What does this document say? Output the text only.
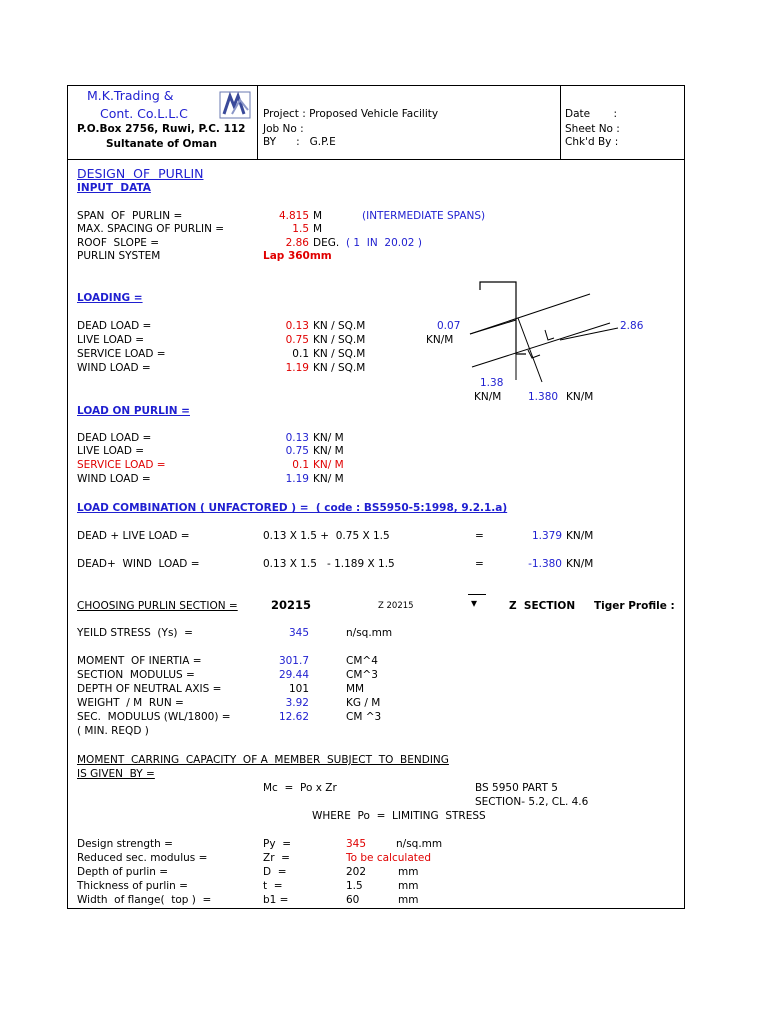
M.K.Trading &
Cont. Co.L.L.C
P.O.Box 2756, Ruwi, P.C. 112
Sultanate of Oman
Project : Proposed Vehicle Facility
Job No :
BY      :   G.P.E
Date       :
Sheet No :
Chk'd By :
DESIGN  OF  PURLIN
INPUT  DATA
SPAN  OF  PURLIN =	4.815 M	(INTERMEDIATE SPANS)
MAX. SPACING OF PURLIN =	1.5 M
ROOF  SLOPE =	2.86 DEG. ( 1  IN  20.02 )
PURLIN SYSTEM	Lap 360mm
LOADING =
DEAD LOAD =	0.13 KN / SQ.M
LIVE LOAD =	0.75 KN / SQ.M
SERVICE LOAD =	0.1 KN / SQ.M
WIND LOAD =	1.19 KN / SQ.M
0.07
KN/M
2.86
1.38
KN/M	1.380 KN/M
LOAD ON PURLIN =
DEAD LOAD =	0.13 KN/ M
LIVE LOAD =	0.75 KN/ M
SERVICE LOAD =	0.1 KN/ M
WIND LOAD =	1.19 KN/ M
LOAD COMBINATION ( UNFACTORED ) =  ( code : BS5950-5:1998, 9.2.1.a)
DEAD + LIVE LOAD =	0.13 X 1.5 +  0.75 X 1.5	=	1.379 KN/M
DEAD+  WIND  LOAD =	0.13 X 1.5   - 1.189 X 1.5	=	-1.380 KN/M
CHOOSING PURLIN SECTION =	20215	Z 20215	▾	Z  SECTION Tiger Profile :
YEILD STRESS  (Ys)  =	345	n/sq.mm
MOMENT  OF INERTIA =	301.7	CM^4
SECTION  MODULUS =	29.44	CM^3
DEPTH OF NEUTRAL AXIS =	101	MM
WEIGHT  / M  RUN =	3.92	KG / M
SEC.  MODULUS (WL/1800) =	12.62	CM ^3
( MIN. REQD )
MOMENT  CARRING  CAPACITY  OF A  MEMBER  SUBJECT  TO  BENDING
IS GIVEN  BY =
Mc  =  Po x Zr	BS 5950 PART 5
SECTION- 5.2, CL. 4.6
WHERE  Po  =  LIMITING  STRESS
Design strength =	Py  =	345	n/sq.mm
Reduced sec. modulus =	Zr  =	To be calculated
Depth of purlin =	D  =	202	mm
Thickness of purlin =	t  =	1.5	mm
Width  of flange(  top )  =	b1 =	60	mm
